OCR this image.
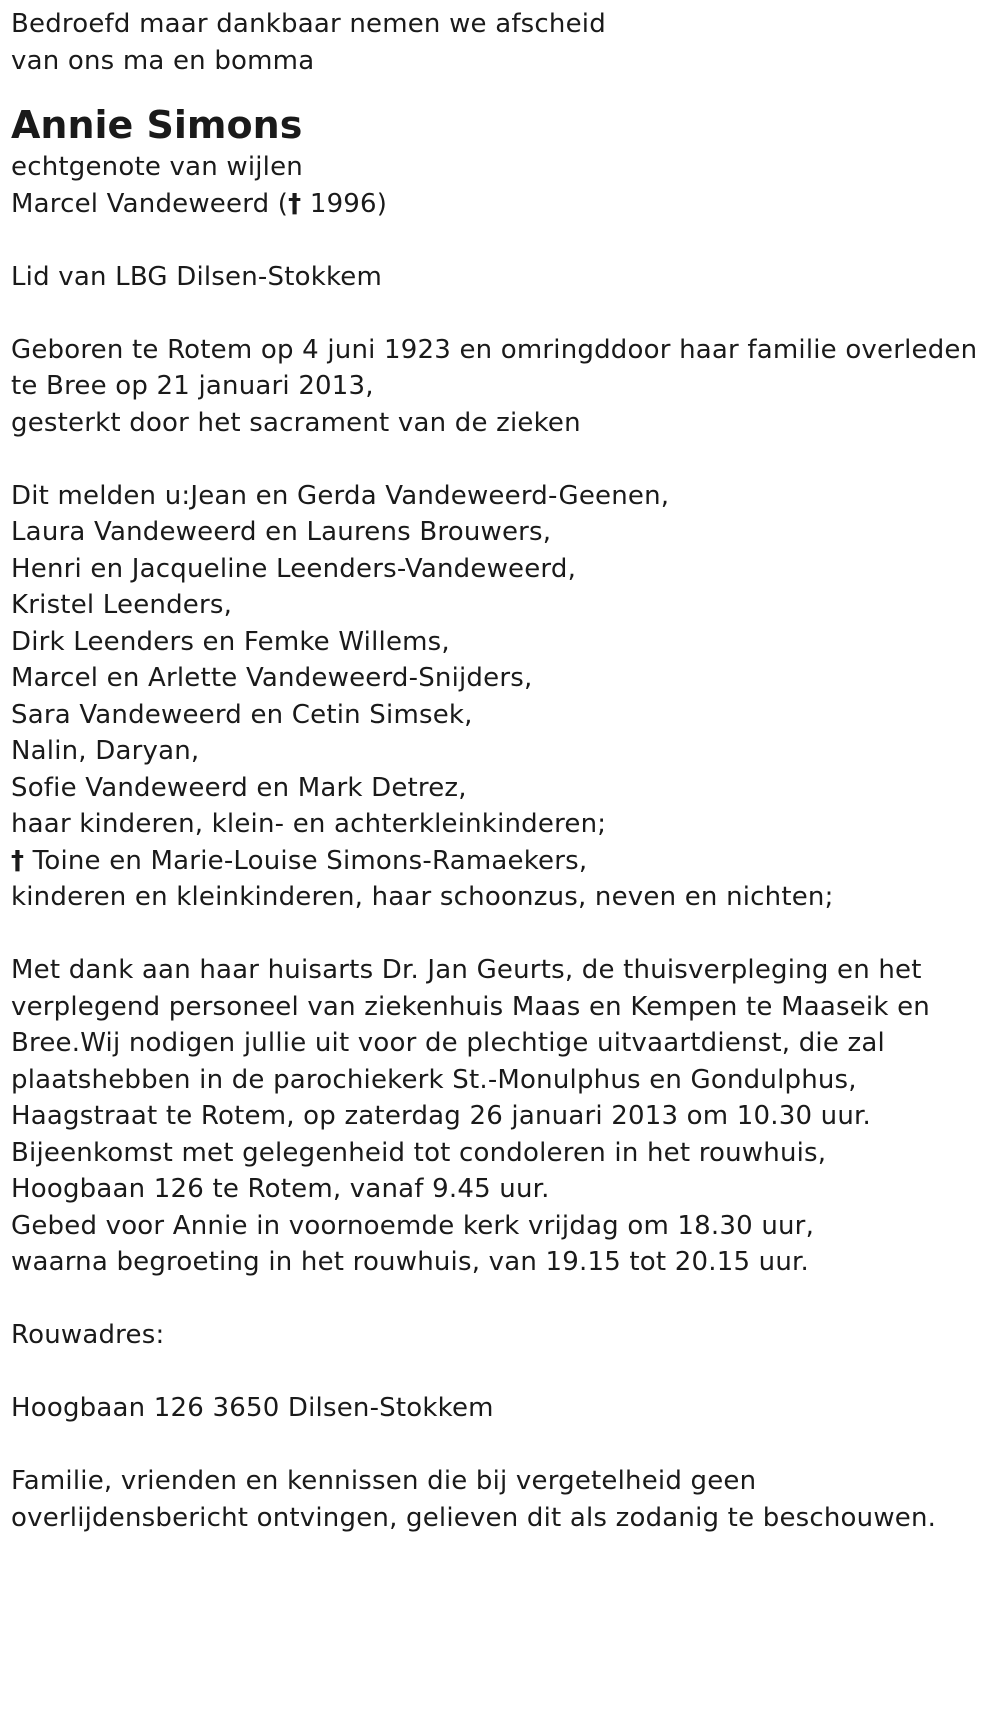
Bedroefd maar dankbaar nemen we afscheid
van ons ma en bomma
Annie Simons
echtgenote van wijlen
Marcel Vandeweerd († 1996)
Lid van LBG Dilsen-Stokkem
Geboren te Rotem op 4 juni 1923 en omringddoor haar familie overleden
te Bree op 21 januari 2013,
gesterkt door het sacrament van de zieken
Dit melden u:Jean en Gerda Vandeweerd-Geenen,
Laura Vandeweerd en Laurens Brouwers,
Henri en Jacqueline Leenders-Vandeweerd,
Kristel Leenders,
Dirk Leenders en Femke Willems,
Marcel en Arlette Vandeweerd-Snijders,
Sara Vandeweerd en Cetin Simsek,
Nalin, Daryan,
Sofie Vandeweerd en Mark Detrez,
haar kinderen, klein- en achterkleinkinderen;
† Toine en Marie-Louise Simons-Ramaekers,
kinderen en kleinkinderen, haar schoonzus, neven en nichten;
Met dank aan haar huisarts Dr. Jan Geurts, de thuisverpleging en het
verplegend personeel van ziekenhuis Maas en Kempen te Maaseik en
Bree.Wij nodigen jullie uit voor de plechtige uitvaartdienst, die zal
plaatshebben in de parochiekerk St.-Monulphus en Gondulphus,
Haagstraat te Rotem, op zaterdag 26 januari 2013 om 10.30 uur.
Bijeenkomst met gelegenheid tot condoleren in het rouwhuis,
Hoogbaan 126 te Rotem, vanaf 9.45 uur.
Gebed voor Annie in voornoemde kerk vrijdag om 18.30 uur,
waarna begroeting in het rouwhuis, van 19.15 tot 20.15 uur.
Rouwadres:
Hoogbaan 126 3650 Dilsen-Stokkem
Familie, vrienden en kennissen die bij vergetelheid geen
overlijdensbericht ontvingen, gelieven dit als zodanig te beschouwen.
